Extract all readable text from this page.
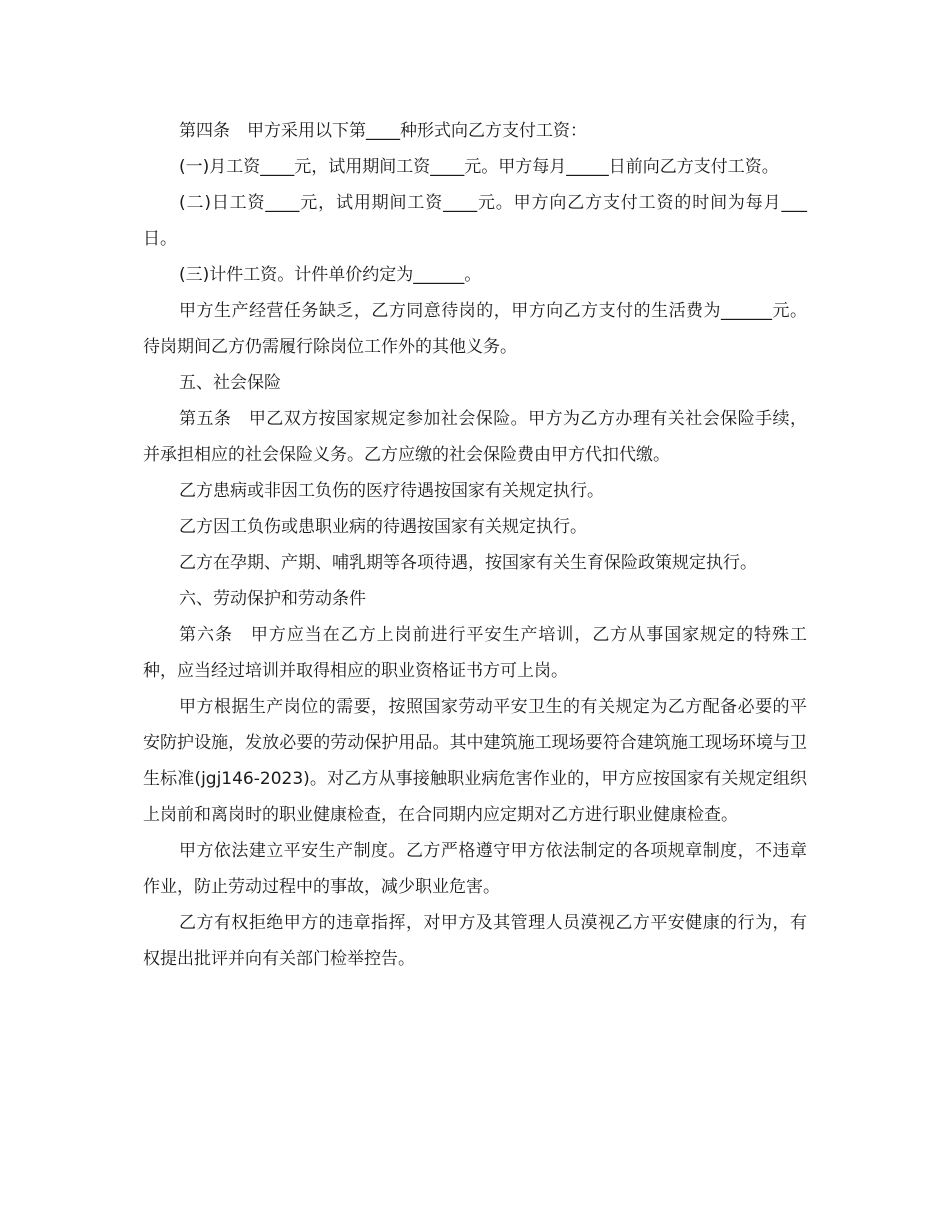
第四条　甲方采用以下第____种形式向乙方支付工资：

(一)月工资____元，试用期间工资____元。甲方每月_____日前向乙方支付工资。

(二)日工资____元，试用期间工资____元。甲方向乙方支付工资的时间为每月___日。

(三)计件工资。计件单价约定为______。

甲方生产经营任务缺乏，乙方同意待岗的，甲方向乙方支付的生活费为______元。待岗期间乙方仍需履行除岗位工作外的其他义务。

五、社会保险

第五条　甲乙双方按国家规定参加社会保险。甲方为乙方办理有关社会保险手续，并承担相应的社会保险义务。乙方应缴的社会保险费由甲方代扣代缴。

乙方患病或非因工负伤的医疗待遇按国家有关规定执行。

乙方因工负伤或患职业病的待遇按国家有关规定执行。

乙方在孕期、产期、哺乳期等各项待遇，按国家有关生育保险政策规定执行。

六、劳动保护和劳动条件

第六条　甲方应当在乙方上岗前进行平安生产培训，乙方从事国家规定的特殊工种，应当经过培训并取得相应的职业资格证书方可上岗。

甲方根据生产岗位的需要，按照国家劳动平安卫生的有关规定为乙方配备必要的平安防护设施，发放必要的劳动保护用品。其中建筑施工现场要符合建筑施工现场环境与卫生标准(jgj146-2023)。对乙方从事接触职业病危害作业的，甲方应按国家有关规定组织上岗前和离岗时的职业健康检查，在合同期内应定期对乙方进行职业健康检查。

甲方依法建立平安生产制度。乙方严格遵守甲方依法制定的各项规章制度，不违章作业，防止劳动过程中的事故，减少职业危害。

乙方有权拒绝甲方的违章指挥，对甲方及其管理人员漠视乙方平安健康的行为，有权提出批评并向有关部门检举控告。
